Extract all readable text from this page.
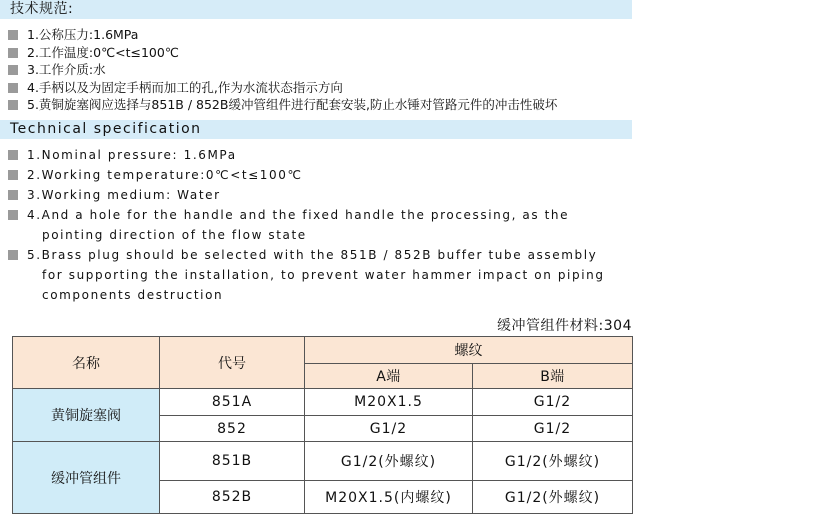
技术规范:
1.公称压力:1.6MPa
2.工作温度:0℃<t≤100℃
3.工作介质:水
4.手柄以及为固定手柄而加工的孔,作为水流状态指示方向
5.黄铜旋塞阀应选择与851B / 852B缓冲管组件进行配套安装,防止水锤对管路元件的冲击性破坏
Technical specification
1.Nominal pressure: 1.6MPa
2.Working temperature:0℃<t≤100℃
3.Working medium: Water
4.And a hole for the handle and the fixed handle the processing, as the
pointing direction of the flow state
5.Brass plug should be selected with the 851B / 852B buffer tube assembly
for supporting the installation, to prevent water hammer impact on piping
components destruction
缓冲管组件材料:304
名称	代号	螺纹	
		A端	B端
黄铜旋塞阀	851A	M20X1.5	G1/2
	852	G1/2	G1/2
缓冲管组件	851B	G1/2(外螺纹)	G1/2(外螺纹)
	852B	M20X1.5(内螺纹)	G1/2(外螺纹)
